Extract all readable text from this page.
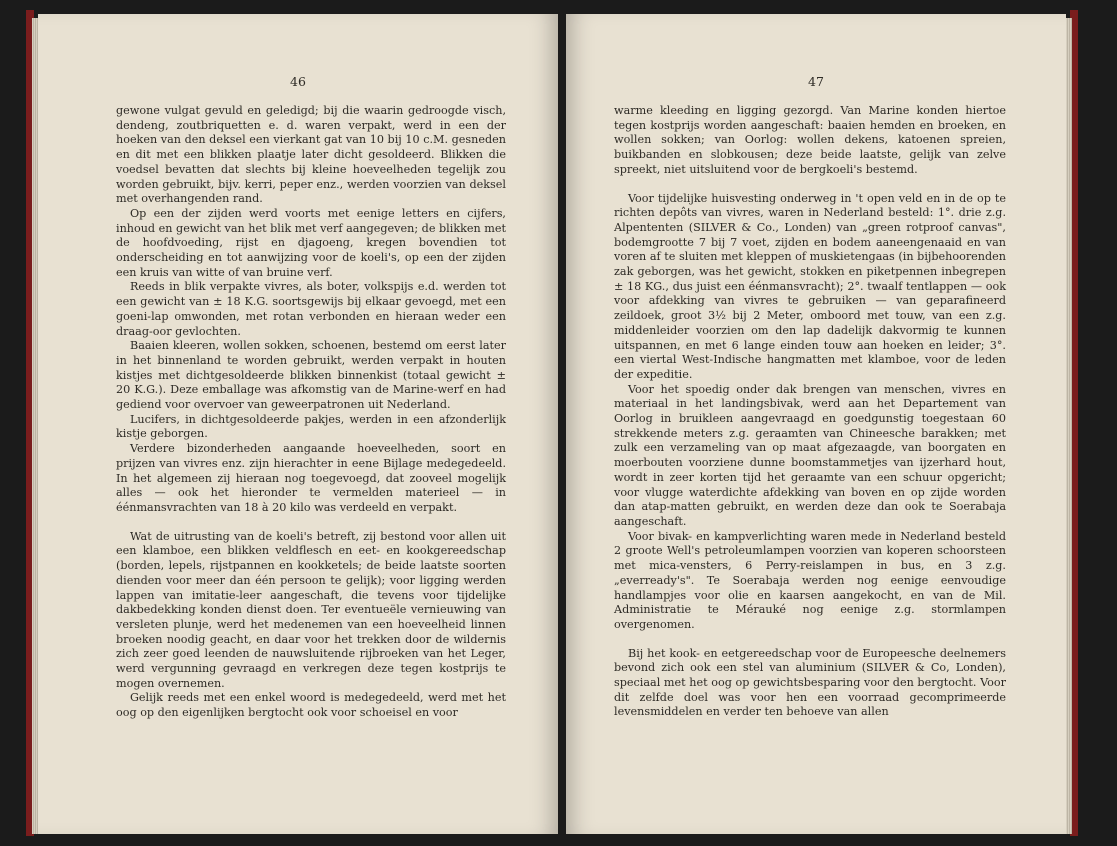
46

gewone vulgat gevuld en geledigd; bij die waarin gedroogde visch, dendeng, zoutbriquetten e. d. waren verpakt, werd in een der hoeken van den deksel een vierkant gat van 10 bij 10 c.M. gesneden en dit met een blikken plaatje later dicht gesoldeerd. Blikken die voedsel bevatten dat slechts bij kleine hoeveelheden tegelijk zou worden gebruikt, bijv. kerri, peper enz., werden voorzien van deksel met overhangenden rand.

Op een der zijden werd voorts met eenige letters en cijfers, inhoud en gewicht van het blik met verf aangegeven; de blikken met de hoofdvoeding, rijst en djagoeng, kregen bovendien tot onderscheiding en tot aanwijzing voor de koeli's, op een der zijden een kruis van witte of van bruine verf.

Reeds in blik verpakte vivres, als boter, volkspijs e.d. werden tot een gewicht van ± 18 K.G. soortsgewijs bij elkaar gevoegd, met een goeni-lap omwonden, met rotan verbonden en hieraan weder een draag-oor gevlochten.

Baaien kleeren, wollen sokken, schoenen, bestemd om eerst later in het binnenland te worden gebruikt, werden verpakt in houten kistjes met dichtgesoldeerde blikken binnenkist (totaal gewicht ± 20 K.G.). Deze emballage was afkomstig van de Marine-werf en had gediend voor overvoer van geweerpatronen uit Nederland.

Lucifers, in dichtgesoldeerde pakjes, werden in een afzonderlijk kistje geborgen.

Verdere bizonderheden aangaande hoeveelheden, soort en prijzen van vivres enz. zijn hierachter in eene Bijlage medegedeeld. In het algemeen zij hieraan nog toegevoegd, dat zooveel mogelijk alles — ook het hieronder te vermelden materieel — in éénmansvrachten van 18 à 20 kilo was verdeeld en verpakt.

Wat de uitrusting van de koeli's betreft, zij bestond voor allen uit een klamboe, een blikken veldflesch en eet- en kookgereedschap (borden, lepels, rijstpannen en kookketels; de beide laatste soorten dienden voor meer dan één persoon te gelijk); voor ligging werden lappen van imitatie-leer aangeschaft, die tevens voor tijdelijke dakbedekking konden dienst doen. Ter eventueële vernieuwing van versleten plunje, werd het medenemen van een hoeveelheid linnen broeken noodig geacht, en daar voor het trekken door de wildernis zich zeer goed leenden de nauwsluitende rijbroeken van het Leger, werd vergunning gevraagd en verkregen deze tegen kostprijs te mogen overnemen.

Gelijk reeds met een enkel woord is medegedeeld, werd met het oog op den eigenlijken bergtocht ook voor schoeisel en voor

47

warme kleeding en ligging gezorgd. Van Marine konden hiertoe tegen kostprijs worden aangeschaft: baaien hemden en broeken, en wollen sokken; van Oorlog: wollen dekens, katoenen spreien, buikbanden en slobkousen; deze beide laatste, gelijk van zelve spreekt, niet uitsluitend voor de bergkoeli's bestemd.

Voor tijdelijke huisvesting onderweg in 't open veld en in de op te richten depôts van vivres, waren in Nederland besteld: 1°. drie z.g. Alpententen (SILVER & Co., Londen) van „green rotproof canvas", bodemgrootte 7 bij 7 voet, zijden en bodem aaneengenaaid en van voren af te sluiten met kleppen of muskietengaas (in bijbehoorenden zak geborgen, was het gewicht, stokken en piketpennen inbegrepen ± 18 KG., dus juist een éénmansvracht); 2°. twaalf tentlappen — ook voor afdekking van vivres te gebruiken — van geparafineerd zeildoek, groot 3½ bij 2 Meter, omboord met touw, van een z.g. middenleider voorzien om den lap dadelijk dakvormig te kunnen uitspannen, en met 6 lange einden touw aan hoeken en leider; 3°. een viertal West-Indische hangmatten met klamboe, voor de leden der expeditie.

Voor het spoedig onder dak brengen van menschen, vivres en materiaal in het landingsbivak, werd aan het Departement van Oorlog in bruikleen aangevraagd en goedgunstig toegestaan 60 strekkende meters z.g. geraamten van Chineesche barakken; met zulk een verzameling van op maat afgezaagde, van boorgaten en moerbouten voorziene dunne boomstammetjes van ijzerhard hout, wordt in zeer korten tijd het geraamte van een schuur opgericht; voor vlugge waterdichte afdekking van boven en op zijde worden dan atap-matten gebruikt, en werden deze dan ook te Soerabaja aangeschaft.

Voor bivak- en kampverlichting waren mede in Nederland besteld 2 groote Well's petroleumlampen voorzien van koperen schoorsteen met mica-vensters, 6 Perry-reislampen in bus, en 3 z.g. „everready's". Te Soerabaja werden nog eenige eenvoudige handlampjes voor olie en kaarsen aangekocht, en van de Mil. Administratie te Mérauké nog eenige z.g. stormlampen overgenomen.

Bij het kook- en eetgereedschap voor de Europeesche deelnemers bevond zich ook een stel van aluminium (SILVER & Co, Londen), speciaal met het oog op gewichtsbesparing voor den bergtocht. Voor dit zelfde doel was voor hen een voorraad gecomprimeerde levensmiddelen en verder ten behoeve van allen
